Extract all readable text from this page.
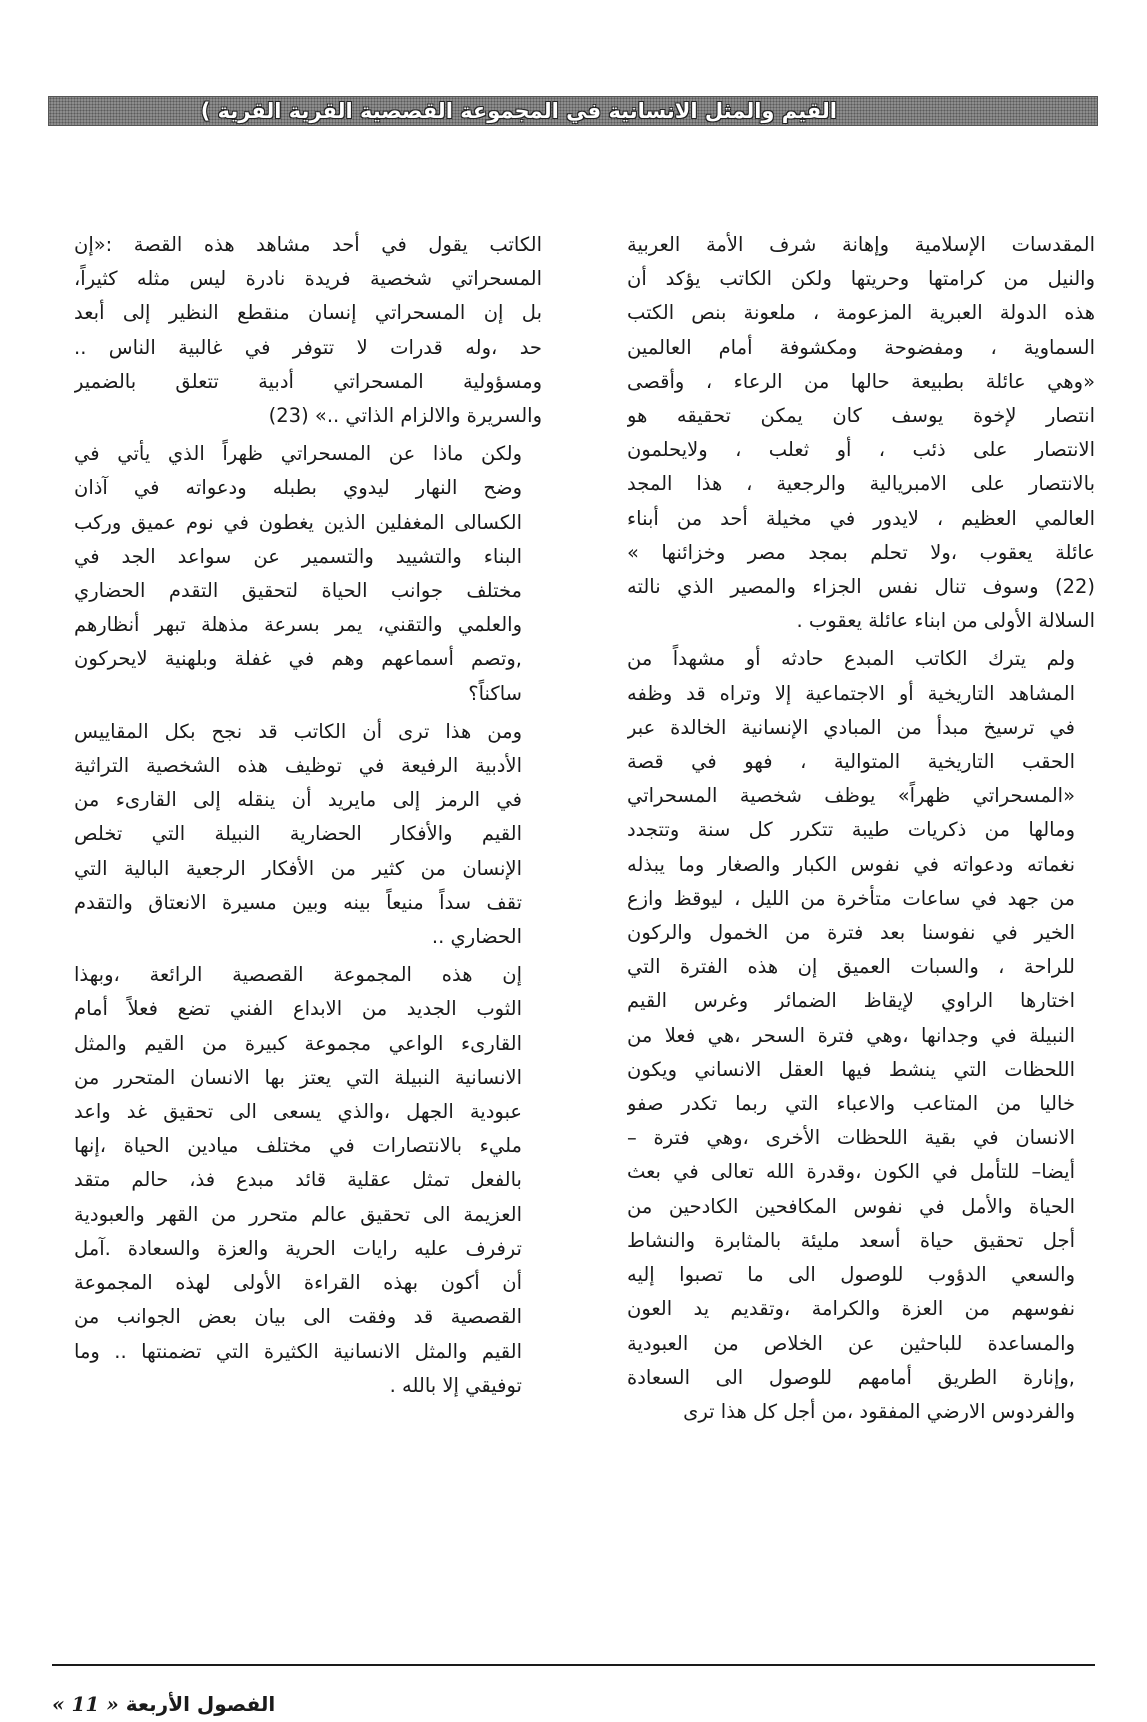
القيم والمثل الانسانية في المجموعة القصصية القرية القرية )

المقدسات الإسلامية وإهانة شرف الأمة العربية
والنيل من كرامتها وحريتها ولكن الكاتب يؤكد أن
هذه الدولة العبرية المزعومة ، ملعونة بنص الكتب
السماوية ، ومفضوحة ومكشوفة أمام العالمين
«وهي عائلة بطبيعة حالها من الرعاء ، وأقصى
انتصار لإخوة يوسف كان يمكن تحقيقه هو
الانتصار على ذئب ، أو ثعلب ، ولايحلمون
بالانتصار على الامبريالية والرجعية ، هذا المجد
العالمي العظيم ، لايدور في مخيلة أحد من أبناء
عائلة يعقوب ،ولا تحلم بمجد مصر وخزائنها »
(22) وسوف تنال نفس الجزاء والمصير الذي نالته
السلالة الأولى من ابناء عائلة يعقوب .

ولم يترك الكاتب المبدع حادثه أو مشهداً من
المشاهد التاريخية أو الاجتماعية إلا وتراه قد وظفه
في ترسيخ مبدأ من المبادي الإنسانية الخالدة عبر
الحقب التاريخية المتوالية ، فهو في قصة
«المسحراتي ظهراً» يوظف شخصية المسحراتي
ومالها من ذكريات طيبة تتكرر كل سنة وتتجدد
نغماته ودعواته في نفوس الكبار والصغار وما يبذله
من جهد في ساعات متأخرة من الليل ، ليوقظ وازع
الخير في نفوسنا بعد فترة من الخمول والركون
للراحة ، والسبات العميق إن هذه الفترة التي
اختارها الراوي لإيقاظ الضمائر وغرس القيم
النبيلة في وجدانها ،وهي فترة السحر ،هي فعلا من
اللحظات التي ينشط فيها العقل الانساني ويكون
خاليا من المتاعب والاعباء التي ربما تكدر صفو
الانسان في بقية اللحظات الأخرى ،وهي فترة –
أيضا– للتأمل في الكون ،وقدرة الله تعالى في بعث
الحياة والأمل في نفوس المكافحين الكادحين من
أجل تحقيق حياة أسعد مليئة بالمثابرة والنشاط
والسعي الدؤوب للوصول الى ما تصبوا إليه
نفوسهم من العزة والكرامة ،وتقديم يد العون
والمساعدة للباحثين عن الخلاص من العبودية
,وإنارة الطريق أمامهم للوصول الى السعادة
والفردوس الارضي المفقود ،من أجل كل هذا ترى

الكاتب يقول في أحد مشاهد هذه القصة :«إن
المسحراتي شخصية فريدة نادرة ليس مثله كثيراً،
بل إن المسحراتي إنسان منقطع النظير إلى أبعد
حد ،وله قدرات لا تتوفر في غالبية الناس ..
ومسؤولية المسحراتي أدبية تتعلق بالضمير
والسريرة والالزام الذاتي ..» (23)

ولكن ماذا عن المسحراتي ظهراً الذي يأتي في
وضح النهار ليدوي بطبله ودعواته في آذان
الكسالى المغفلين الذين يغطون في نوم عميق وركب
البناء والتشييد والتسمير عن سواعد الجد في
مختلف جوانب الحياة لتحقيق التقدم الحضاري
والعلمي والتقني، يمر بسرعة مذهلة تبهر أنظارهم
,وتصم أسماعهم وهم في غفلة وبلهنية لايحركون
ساكناً؟

ومن هذا ترى أن الكاتب قد نجح بكل المقاييس
الأدبية الرفيعة في توظيف هذه الشخصية التراثية
في الرمز إلى مايريد أن ينقله إلى القارىء من
القيم والأفكار الحضارية النبيلة التي تخلص
الإنسان من كثير من الأفكار الرجعية البالية التي
تقف سداً منيعاً بينه وبين مسيرة الانعتاق والتقدم
الحضاري ..

إن هذه المجموعة القصصية الرائعة ،وبهذا
الثوب الجديد من الابداع الفني تضع فعلاً أمام
القارىء الواعي مجموعة كبيرة من القيم والمثل
الانسانية النبيلة التي يعتز بها الانسان المتحرر من
عبودية الجهل ،والذي يسعى الى تحقيق غد واعد
مليء بالانتصارات في مختلف ميادين الحياة ،إنها
بالفعل تمثل عقلية قائد مبدع فذ، حالم متقد
العزيمة الى تحقيق عالم متحرر من القهر والعبودية
ترفرف عليه رايات الحرية والعزة والسعادة .آمل
أن أكون بهذه القراءة الأولى لهذه المجموعة
القصصية قد وفقت الى بيان بعض الجوانب من
القيم والمثل الانسانية الكثيرة التي تضمنتها .. وما
توفيقي إلا بالله .

الفصول الأربعة « 11 »
